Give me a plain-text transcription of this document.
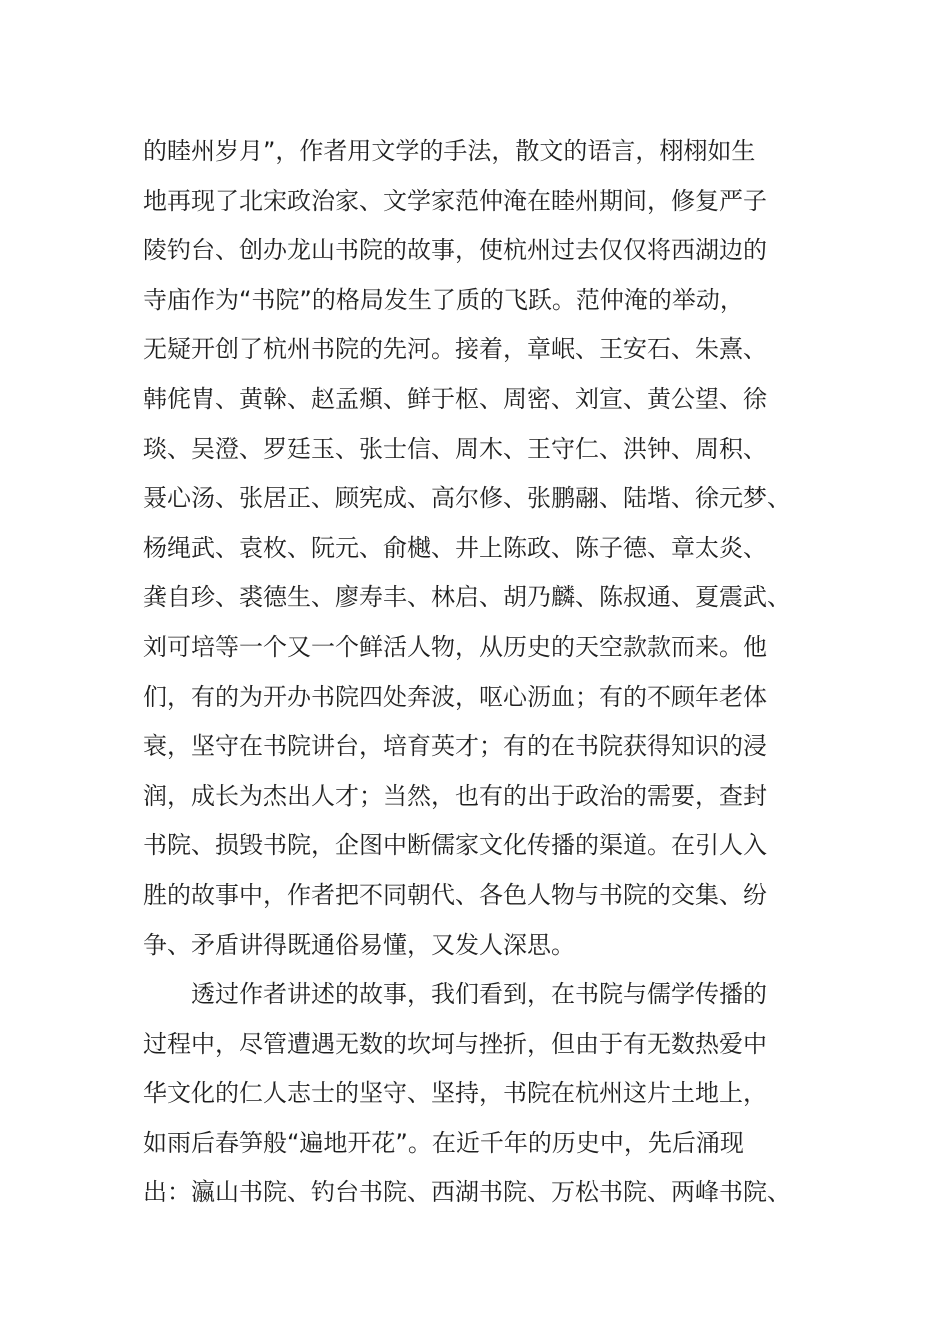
的睦州岁月”，作者用文学的手法，散文的语言，栩栩如生
地再现了北宋政治家、文学家范仲淹在睦州期间，修复严子
陵钓台、创办龙山书院的故事，使杭州过去仅仅将西湖边的
寺庙作为“书院”的格局发生了质的飞跃。范仲淹的举动，
无疑开创了杭州书院的先河。接着，章岷、王安石、朱熹、
韩侂胄、黄榦、赵孟頫、鲜于枢、周密、刘宣、黄公望、徐
琰、吴澄、罗廷玉、张士信、周木、王守仁、洪钟、周积、
聂心汤、张居正、顾宪成、高尔修、张鹏翮、陆堦、徐元梦、
杨绳武、袁枚、阮元、俞樾、井上陈政、陈子德、章太炎、
龚自珍、裘德生、廖寿丰、林启、胡乃麟、陈叔通、夏震武、
刘可培等一个又一个鲜活人物，从历史的天空款款而来。他
们，有的为开办书院四处奔波，呕心沥血；有的不顾年老体
衰，坚守在书院讲台，培育英才；有的在书院获得知识的浸
润，成长为杰出人才；当然，也有的出于政治的需要，查封
书院、损毁书院，企图中断儒家文化传播的渠道。在引人入
胜的故事中，作者把不同朝代、各色人物与书院的交集、纷
争、矛盾讲得既通俗易懂，又发人深思。
　　透过作者讲述的故事，我们看到，在书院与儒学传播的
过程中，尽管遭遇无数的坎坷与挫折，但由于有无数热爱中
华文化的仁人志士的坚守、坚持，书院在杭州这片土地上，
如雨后春笋般“遍地开花”。在近千年的历史中，先后涌现
出：瀛山书院、钓台书院、西湖书院、万松书院、两峰书院、
